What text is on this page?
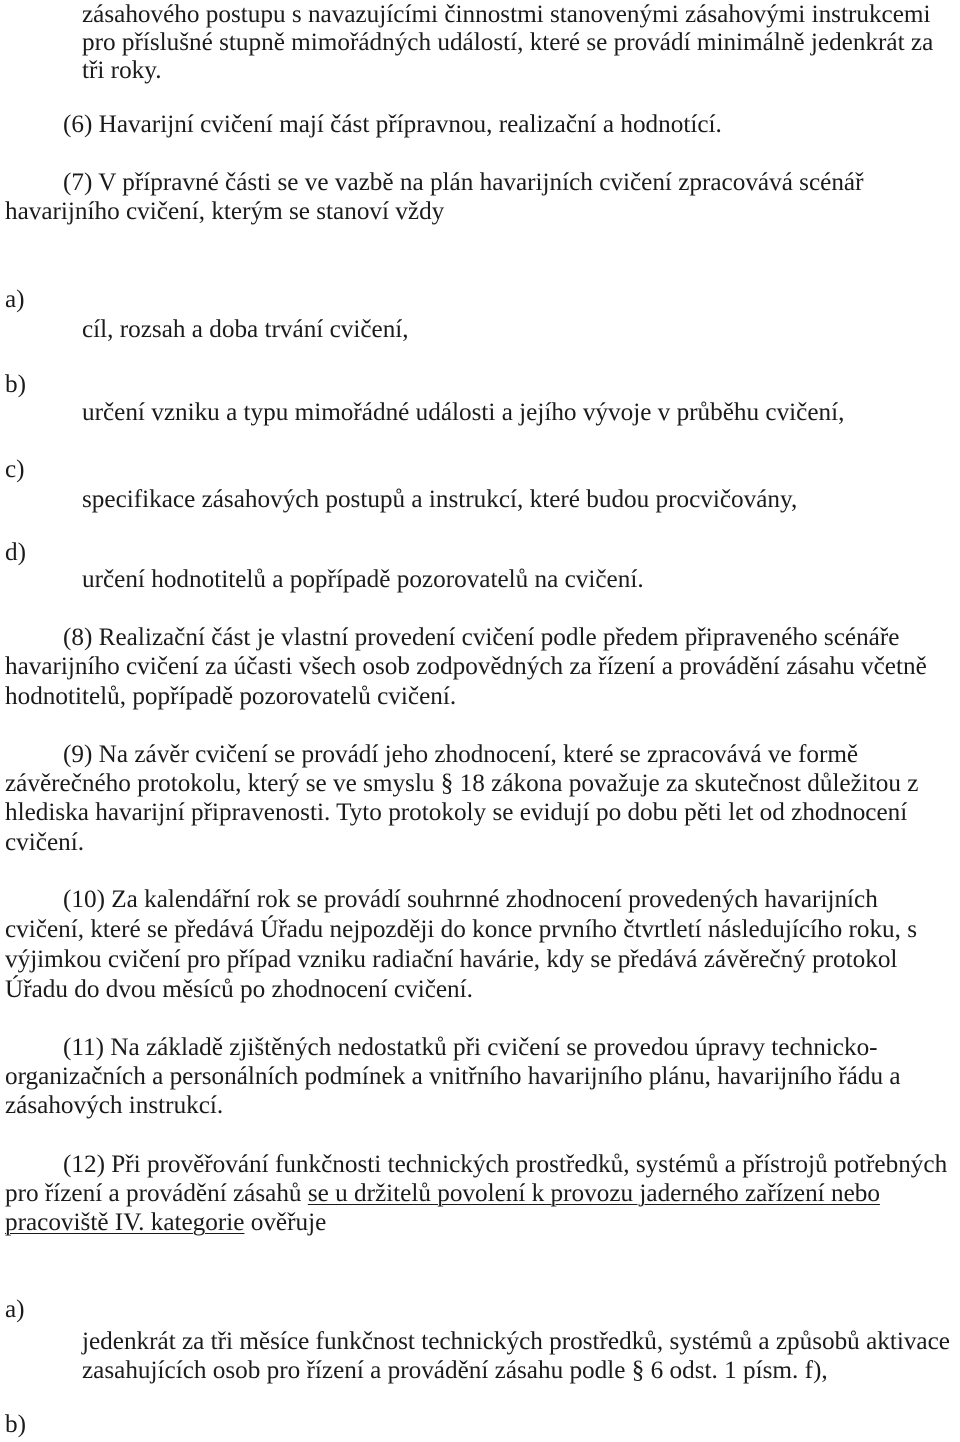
zásahového postupu s navazujícími činnostmi stanovenými zásahovými instrukcemi
pro příslušné stupně mimořádných událostí, které se provádí minimálně jedenkrát za
tři roky.
(6) Havarijní cvičení mají část přípravnou, realizační a hodnotící.
(7) V přípravné části se ve vazbě na plán havarijních cvičení zpracovává scénář
havarijního cvičení, kterým se stanoví vždy
a)
cíl, rozsah a doba trvání cvičení,
b)
určení vzniku a typu mimořádné události a jejího vývoje v průběhu cvičení,
c)
specifikace zásahových postupů a instrukcí, které budou procvičovány,
d)
určení hodnotitelů a popřípadě pozorovatelů na cvičení.
(8) Realizační část je vlastní provedení cvičení podle předem připraveného scénáře
havarijního cvičení za účasti všech osob zodpovědných za řízení a provádění zásahu včetně
hodnotitelů, popřípadě pozorovatelů cvičení.
(9) Na závěr cvičení se provádí jeho zhodnocení, které se zpracovává ve formě
závěrečného protokolu, který se ve smyslu § 18 zákona považuje za skutečnost důležitou z
hlediska havarijní připravenosti. Tyto protokoly se evidují po dobu pěti let od zhodnocení
cvičení.
(10) Za kalendářní rok se provádí souhrnné zhodnocení provedených havarijních
cvičení, které se předává Úřadu nejpozději do konce prvního čtvrtletí následujícího roku, s
výjimkou cvičení pro případ vzniku radiační havárie, kdy se předává závěrečný protokol
Úřadu do dvou měsíců po zhodnocení cvičení.
(11) Na základě zjištěných nedostatků při cvičení se provedou úpravy technicko-
organizačních a personálních podmínek a vnitřního havarijního plánu, havarijního řádu a
zásahových instrukcí.
(12) Při prověřování funkčnosti technických prostředků, systémů a přístrojů potřebných
pro řízení a provádění zásahů se u držitelů povolení k provozu jaderného zařízení nebo
pracoviště IV. kategorie ověřuje
a)
jedenkrát za tři měsíce funkčnost technických prostředků, systémů a způsobů aktivace
zasahujících osob pro řízení a provádění zásahu podle § 6 odst. 1 písm. f),
b)
